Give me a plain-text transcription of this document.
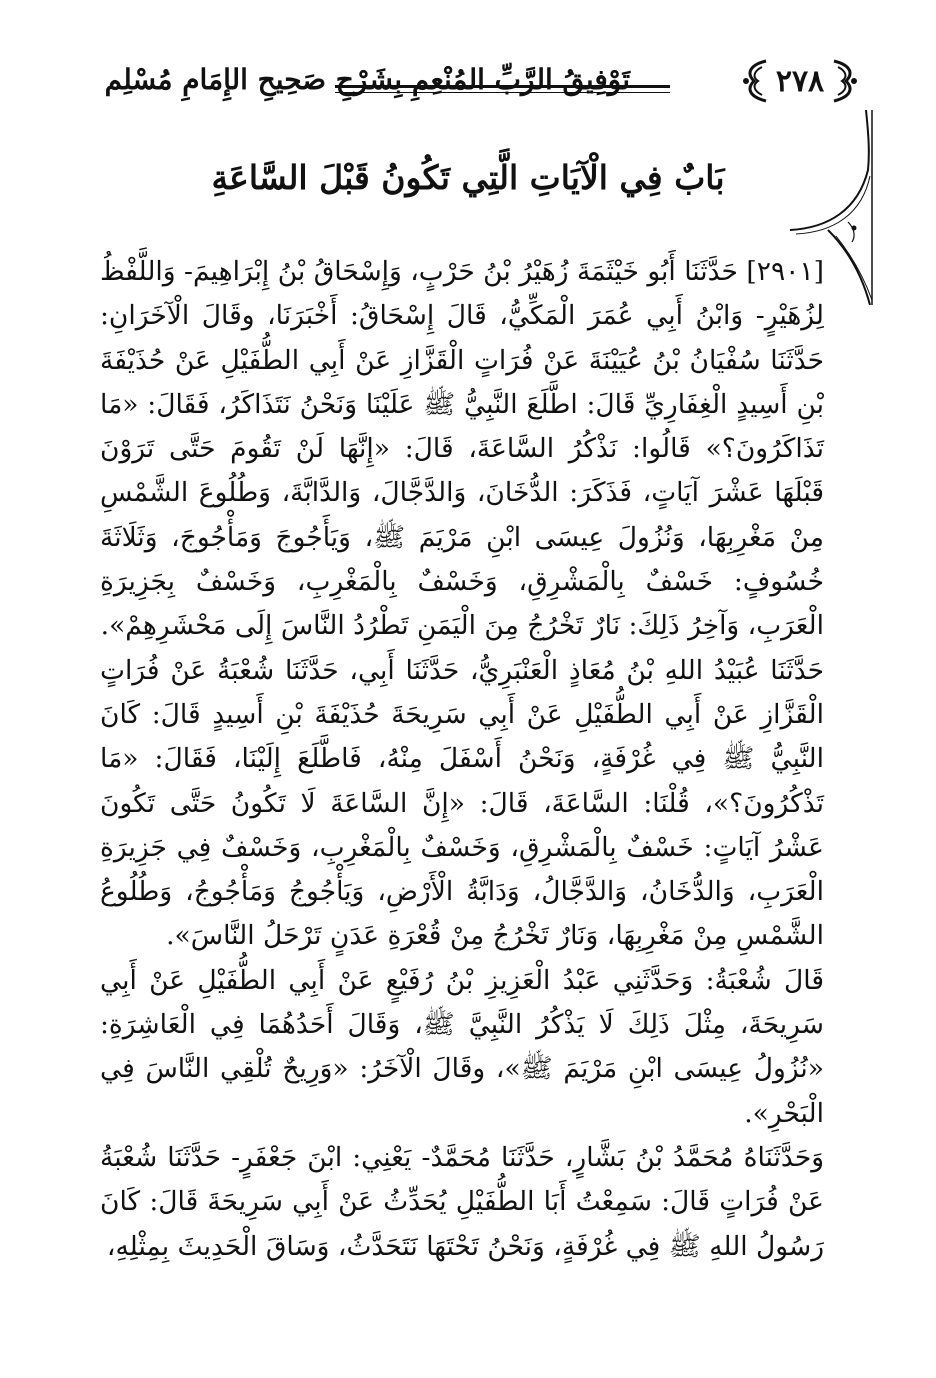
تَوْفِيقُ الرَّبِّ المُنْعِمِ بِشَرْحِ صَحِيحِ الإِمَامِ مُسْلِم	٢٧٨
بَابٌ فِي الْآيَاتِ الَّتِي تَكُونُ قَبْلَ السَّاعَةِ

[٢٩٠١] حَدَّثَنَا أَبُو خَيْثَمَةَ زُهَيْرُ بْنُ حَرْبٍ، وَإِسْحَاقُ بْنُ إِبْرَاهِيمَ- وَاللَّفْظُ لِزُهَيْرٍ- وَابْنُ أَبِي عُمَرَ الْمَكِّيُّ، قَالَ إِسْحَاقُ: أَخْبَرَنَا، وقَالَ الْآخَرَانِ: حَدَّثَنَا سُفْيَانُ بْنُ عُيَيْنَةَ عَنْ فُرَاتٍ الْقَزَّازِ عَنْ أَبِي الطُّفَيْلِ عَنْ حُذَيْفَةَ بْنِ أَسِيدٍ الْغِفَارِيِّ قَالَ: اطَّلَعَ النَّبِيُّ ﷺ عَلَيْنَا وَنَحْنُ نَتَذَاكَرُ، فَقَالَ: «مَا تَذَاكَرُونَ؟» قَالُوا: نَذْكُرُ السَّاعَةَ، قَالَ: «إِنَّهَا لَنْ تَقُومَ حَتَّى تَرَوْنَ قَبْلَهَا عَشْرَ آيَاتٍ، فَذَكَرَ: الدُّخَانَ، وَالدَّجَّالَ، وَالدَّابَّةَ، وَطُلُوعَ الشَّمْسِ مِنْ مَغْرِبِهَا، وَنُزُولَ عِيسَى ابْنِ مَرْيَمَ ﷺ، وَيَأَجُوجَ وَمَأْجُوجَ، وَثَلَاثَةَ خُسُوفٍ: خَسْفٌ بِالْمَشْرِقِ، وَخَسْفٌ بِالْمَغْرِبِ، وَخَسْفٌ بِجَزِيرَةِ الْعَرَبِ، وَآخِرُ ذَلِكَ: نَارٌ تَخْرُجُ مِنَ الْيَمَنِ تَطْرُدُ النَّاسَ إِلَى مَحْشَرِهِمْ».

حَدَّثَنَا عُبَيْدُ اللهِ بْنُ مُعَاذٍ الْعَنْبَرِيُّ، حَدَّثَنَا أَبِي، حَدَّثَنَا شُعْبَةُ عَنْ فُرَاتٍ الْقَزَّازِ عَنْ أَبِي الطُّفَيْلِ عَنْ أَبِي سَرِيحَةَ حُذَيْفَةَ بْنِ أَسِيدٍ قَالَ: كَانَ النَّبِيُّ ﷺ فِي غُرْفَةٍ، وَنَحْنُ أَسْفَلَ مِنْهُ، فَاطَّلَعَ إِلَيْنَا، فَقَالَ: «مَا تَذْكُرُونَ؟»، قُلْنَا: السَّاعَةَ، قَالَ: «إِنَّ السَّاعَةَ لَا تَكُونُ حَتَّى تَكُونَ عَشْرُ آيَاتٍ: خَسْفٌ بِالْمَشْرِقِ، وَخَسْفٌ بِالْمَغْرِبِ، وَخَسْفٌ فِي جَزِيرَةِ الْعَرَبِ، وَالدُّخَانُ، وَالدَّجَّالُ، وَدَابَّةُ الْأَرْضِ، وَيَأْجُوجُ وَمَأْجُوجُ، وَطُلُوعُ الشَّمْسِ مِنْ مَغْرِبِهَا، وَنَارٌ تَخْرُجُ مِنْ قُعْرَةِ عَدَنٍ تَرْحَلُ النَّاسَ».

قَالَ شُعْبَةُ: وَحَدَّثَنِي عَبْدُ الْعَزِيزِ بْنُ رُفَيْعٍ عَنْ أَبِي الطُّفَيْلِ عَنْ أَبِي سَرِيحَةَ، مِثْلَ ذَلِكَ لَا يَذْكُرُ النَّبِيَّ ﷺ، وَقَالَ أَحَدُهُمَا فِي الْعَاشِرَةِ: «نُزُولُ عِيسَى ابْنِ مَرْيَمَ ﷺ»، وقَالَ الْآخَرُ: «وَرِيحٌ تُلْقِي النَّاسَ فِي الْبَحْرِ».

وَحَدَّثَنَاهُ مُحَمَّدُ بْنُ بَشَّارٍ، حَدَّثَنَا مُحَمَّدٌ- يَعْنِي: ابْنَ جَعْفَرٍ- حَدَّثَنَا شُعْبَةُ عَنْ فُرَاتٍ قَالَ: سَمِعْتُ أَبَا الطُّفَيْلِ يُحَدِّثُ عَنْ أَبِي سَرِيحَةَ قَالَ: كَانَ رَسُولُ اللهِ ﷺ فِي غُرْفَةٍ، وَنَحْنُ تَحْتَهَا نَتَحَدَّثُ، وَسَاقَ الْحَدِيثَ بِمِثْلِهِ،
